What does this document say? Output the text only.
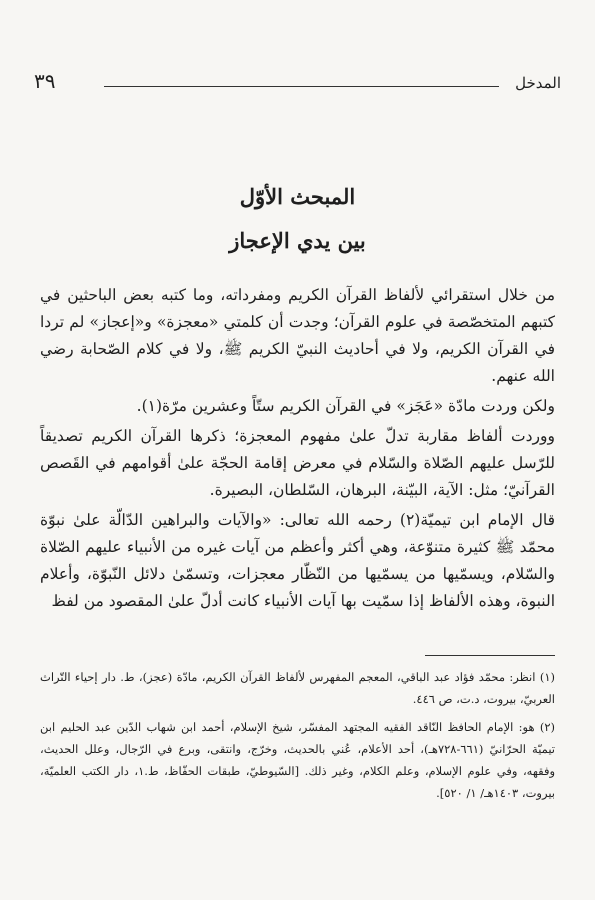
المدخل
٣٩
المبحث الأوّل
بين يدي الإعجاز

من خلال استقرائي لألفاظ القرآن الكريم ومفرداته، وما كتبه بعض الباحثين في كتبهم المتخصّصة في علوم القرآن؛ وجدت أن كلمتي «معجزة» و«إعجاز» لم تردا في القرآن الكريم، ولا في أحاديث النبيّ الكريم ﷺ، ولا في كلام الصّحابة رضي الله عنهم.

ولكن وردت مادّة «عَجَز» في القرآن الكريم ستّاً وعشرين مرّة(١).

ووردت ألفاظ مقاربة تدلّ علىٰ مفهوم المعجزة؛ ذكرها القرآن الكريم تصديقاً للرّسل عليهم الصّلاة والسّلام في معرض إقامة الحجّة علىٰ أقوامهم في القَصص القرآنيّ؛ مثل: الآية، البيّنة، البرهان، السّلطان، البصيرة.

قال الإمام ابن تيميّة(٢) رحمه الله تعالى: «والآيات والبراهين الدّالّة علىٰ نبوّة محمّد ﷺ كثيرة متنوّعة، وهي أكثر وأعظم من آيات غيره من الأنبياء عليهم الصّلاة والسّلام، ويسمّيها من يسمّيها من النّظّار معجزات، وتسمّىٰ دلائل النّبوّة، وأعلام النبوة، وهذه الألفاظ إذا سمّيت بها آيات الأنبياء كانت أدلّ علىٰ المقصود من لفظ

(١) انظر: محمّد فؤاد عبد الباقي، المعجم المفهرس لألفاظ القرآن الكريم، مادّة (عجز)، ط. دار إحياء التّراث العربيّ، بيروت، د.ت، ص ٤٤٦.

(٢) هو: الإمام الحافظ النّاقد الفقيه المجتهد المفسّر، شيخ الإسلام، أحمد ابن شهاب الدّين عبد الحليم ابن تيميّة الحرّانيّ (٦٦١-٧٢٨هـ)، أحد الأعلام، عُني بالحديث، وخرّج، وانتقى، وبرع في الرّجال، وعلل الحديث، وفقهه، وفي علوم الإسلام، وعلم الكلام، وغير ذلك. [السّيوطيّ، طبقات الحفّاظ، ط.١، دار الكتب العلميّة، بيروت، ١٤٠٣هـ/ ١/ ٥٢٠].
